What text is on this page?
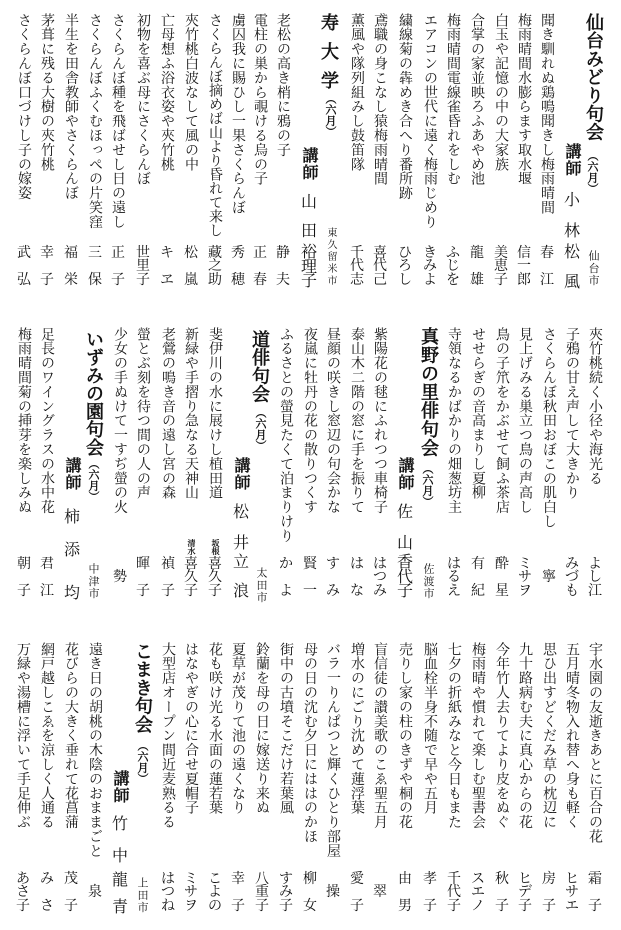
仙台みどり句会
（六月）
講師
小
林
松
風 仙台市
聞き馴れぬ鶏鳴聞きし梅雨晴間
春
江
梅雨晴間水膨らます取水堰
信
一
郎
白玉や記憶の中の大家族
美
恵
子
合掌の家並映ろふあやめ池
龍
雄
梅雨晴間電線雀昏れをしむ
ふ
じ
を
エアコンの世代に遠く梅雨じめり
き
み
よ
繍線菊の犇めき合へり番所跡
ひ
ろ
し
鳶職の身こなし猿梅雨晴間
喜
代
己
薫風や隊列組みし鼓笛隊
千
代
志
寿大学
（六月）
講師
山
田
裕
理
子 東久留米市
老松の高き梢に鴉の子
静
夫
電柱の巣から覗ける烏の子
正
春
虜囚我に賜ひし一果さくらんぼ
秀
穂
さくらんぼ摘めば山より昏れて来し
藏
之
助
夾竹桃白波なして風の中
松
嵐
亡母想ふ浴衣姿や夾竹桃
キ
ヱ
初物を喜ぶ母にさくらんぼ
世
里
子
さくらんぼ種を飛ばせし日の遠し
正
子
さくらんぼふくむほっぺの片笑窪
三
保
半生を田舎教師やさくらんぼ
福
栄
茅葺に残る大樹の夾竹桃
幸
子
さくらんぼ口づけし子の嫁姿
武
弘
夾竹桃続く小径や海光る
よ
し
江
子鴉の甘え声して大きかり
み
づ
も
さくらんぼ秋田おぼこの肌白し
寧
見上げみる巣立つ鳥の声高し
ミ
サ
ヲ
鳥の子笊をかぶせて飼ふ茶店
酔
星
せせらぎの音高まりし夏柳
有
紀
寺領なるかばかりの畑葱坊主
は
る
え
真野の里俳句会
（六月）
講師
佐
山
香
代
子 佐渡市
紫陽花の毬にふれつつ車椅子
は
つ
み
泰山木二階の窓に手を振りて
は
な
昼顔の咲きし窓辺の句会かな
す
み
夜嵐に牡丹の花の散りつくす
賢
一
ふるさとの螢見たくて泊まりけり
か
よ
道俳句会
（六月）
講師
松
井
立
浪 太田市
斐伊川の水に展けし植田道
坂根
喜
久
子
新緑や手摺り急なる天神山
清水
喜
久
子
老鶯の鳴き音の遠し宮の森
禎
子
螢とぶ刻を待つ間の人の声
暉
子
少女の手ぬけて一すぢ螢の火
勢
いずみの園句会
（六月）
講師
柿
添
均 中津市
足長のワイングラスの水中花
君
江
梅雨晴間菊の挿芽を楽しみぬ
朝
子
宇水園の友逝きあとに百合の花
霜
子
五月晴冬物入れ替へ身も軽く
ヒ
サ
エ
思ひ出すどくだみ草の枕辺に
房
子
九十路病む夫に真心からの花
ヒ
デ
子
今年竹人去りてより皮をぬぐ
秋
子
梅雨晴や慣れて楽しむ聖書会
ス
エ
ノ
七夕の折紙みなと今日もまた
千
代
子
脳血栓半身不随で早や五月
孝
子
売りし家の柱のきずや桐の花
由
男
盲信徒の讃美歌のこゑ聖五月
翠
増水のにごり沈めて蓮浮葉
愛
子
バラ一りんぱつと輝くひとり部屋
操
母の日の沈む夕日にははのかほ
柳
女
街中の古墳そこだけ若葉風
す
み
子
鈴蘭を母の日に嫁送り来ぬ
八
重
子
夏草が茂りて池の遠くなり
幸
子
花も咲け光る水面の蓮若葉
こ
よ
の
はなやぎの心に合せ夏帽子
ミ
サ
ヲ
大型店オープン間近麦熟るる
は
つ
ね
こまき句会
（六月）
講師
竹
中
龍
青 上田市
遠き日の胡桃の木陰のおままごと
泉
花びらの大きく垂れて花菖蒲
茂
子
網戸越しこゑを涼しく人通る
み
さ
万緑や湯槽に浮いて手足伸ぶ
あ
さ
子
